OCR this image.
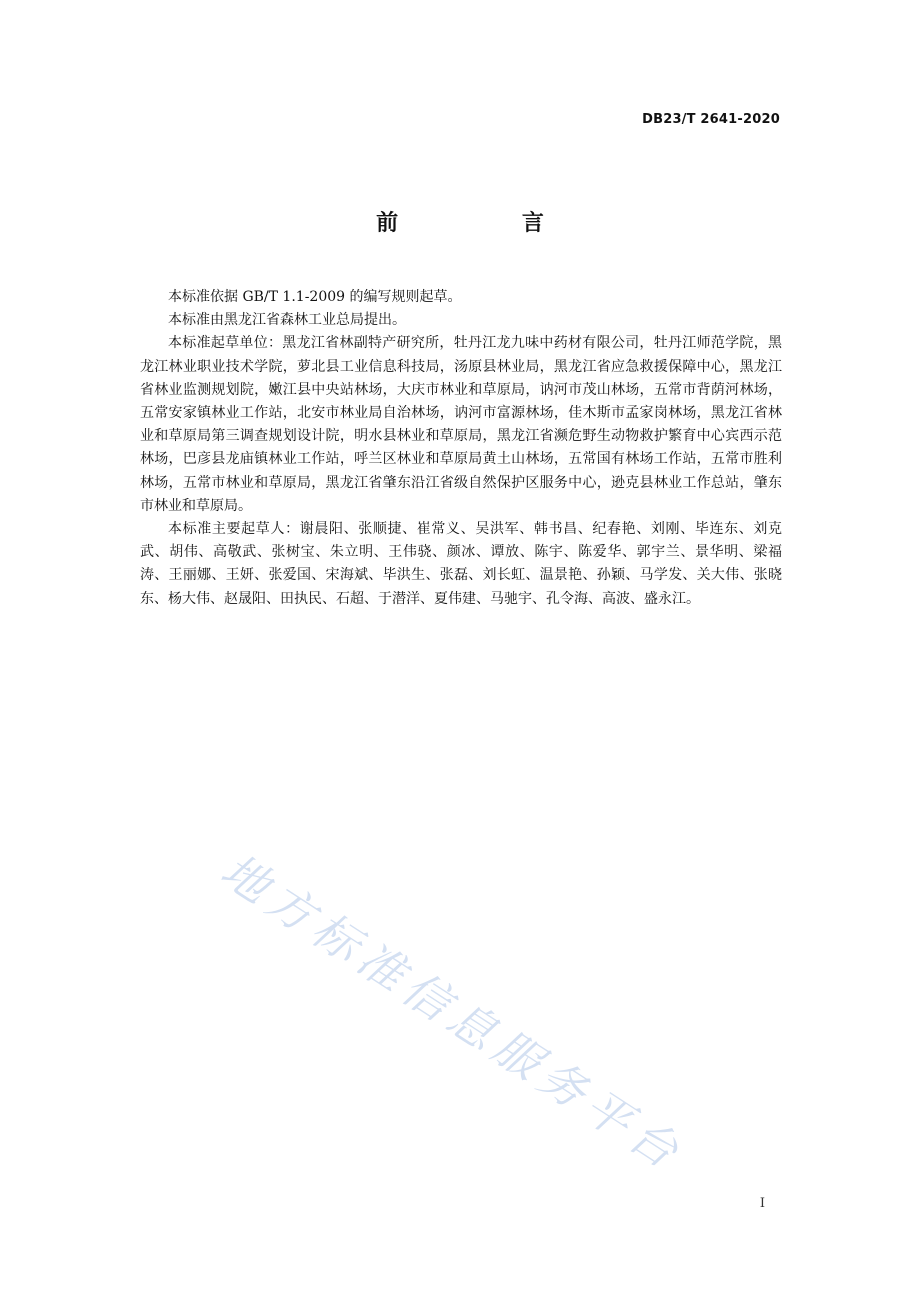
DB23/T 2641-2020
前 言

本标准依据 GB/T 1.1-2009 的编写规则起草。

本标准由黑龙江省森林工业总局提出。

本标准起草单位：黑龙江省林副特产研究所，牡丹江龙九味中药材有限公司，牡丹江师范学院，黑龙江林业职业技术学院，萝北县工业信息科技局，汤原县林业局，黑龙江省应急救援保障中心，黑龙江省林业监测规划院，嫩江县中央站林场，大庆市林业和草原局，讷河市茂山林场，五常市背荫河林场，五常安家镇林业工作站，北安市林业局自治林场，讷河市富源林场，佳木斯市孟家岗林场，黑龙江省林业和草原局第三调查规划设计院，明水县林业和草原局，黑龙江省濒危野生动物救护繁育中心宾西示范林场，巴彦县龙庙镇林业工作站，呼兰区林业和草原局黄土山林场，五常国有林场工作站，五常市胜利林场，五常市林业和草原局，黑龙江省肇东沿江省级自然保护区服务中心，逊克县林业工作总站，肇东市林业和草原局。

本标准主要起草人：谢晨阳、张顺捷、崔常义、吴洪军、韩书昌、纪春艳、刘刚、毕连东、刘克武、胡伟、高敬武、张树宝、朱立明、王伟骁、颜冰、谭放、陈宇、陈爱华、郭宇兰、景华明、梁福涛、王丽娜、王妍、张爱国、宋海斌、毕洪生、张磊、刘长虹、温景艳、孙颖、马学发、关大伟、张晓东、杨大伟、赵晟阳、田执民、石超、于潜洋、夏伟建、马驰宇、孔令海、高波、盛永江。

地方标准信息服务平台
I
